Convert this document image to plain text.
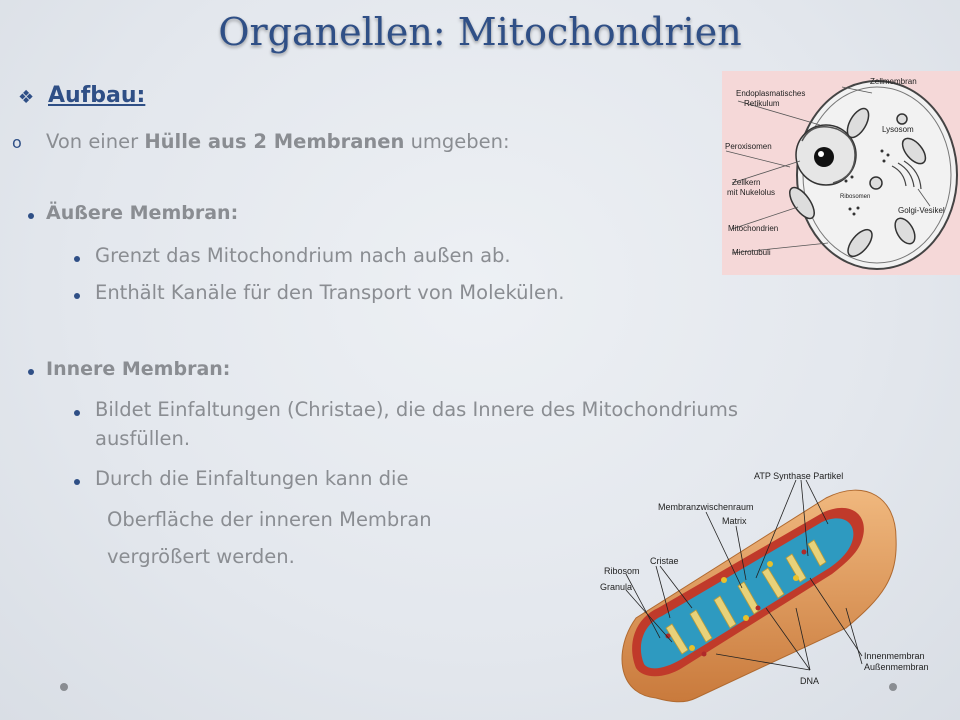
Organellen: Mitochondrien
❖ Aufbau:
o Von einer Hülle aus 2 Membranen umgeben:
Äußere Membran:
Grenzt das Mitochondrium nach außen ab.
Enthält Kanäle für den Transport von Molekülen.
Innere Membran:
Bildet Einfaltungen (Christae), die das Innere des Mitochondriums
ausfüllen.
Durch die Einfaltungen kann die
Oberfläche der inneren Membran
vergrößert werden.
Zellmembran
Endoplasmatisches
Retikulum
Lysosom
Peroxisomen
Zellkern
mit Nukelolus	Ribosomen
Golgi-Vesikel
Mitochondrien
Microtubuli
ATP Synthase Partikel
Membranzwischenraum
Matrix
Cristae
Ribosom
Granula
Innenmembran
Außenmembran
DNA
